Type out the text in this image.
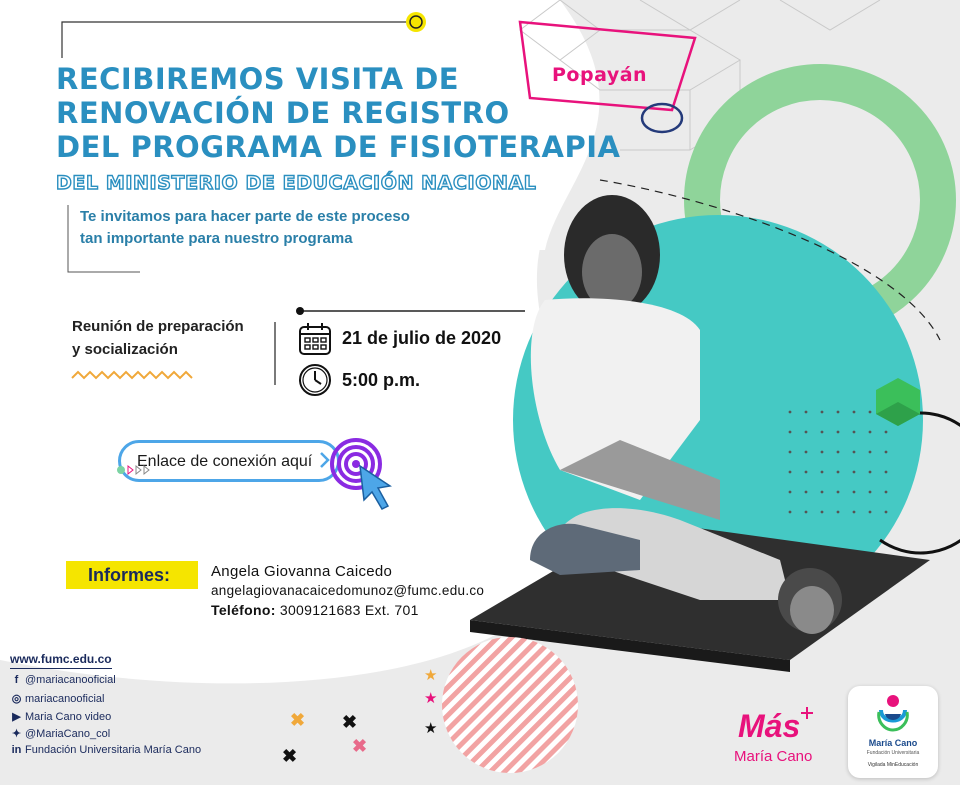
★
★
★
✖ ✖
✖
✖
RECIBIREMOS VISITA DE
RENOVACIÓN DE REGISTRO
DEL PROGRAMA DE FISIOTERAPIA
DEL MINISTERIO DE EDUCACIÓN NACIONAL
Te invitamos para hacer parte de este proceso
tan importante para nuestro programa
Popayán
Reunión de preparación
y socialización
21 de julio de 2020
5:00 p.m.
Enlace de conexión aquí
Informes:	Angela Giovanna Caicedo
angelagiovanacaicedomunoz@fumc.edu.co
Teléfono: 3009121683 Ext. 701
www.fumc.edu.co
f @mariacanooficial
◎ mariacanooficial
▶ Maria Cano video
✦ @MariaCano_col
in Fundación Universitaria María Cano
Más
María Cano
María Cano
Fundación Universitaria
Vigilada MinEducación
